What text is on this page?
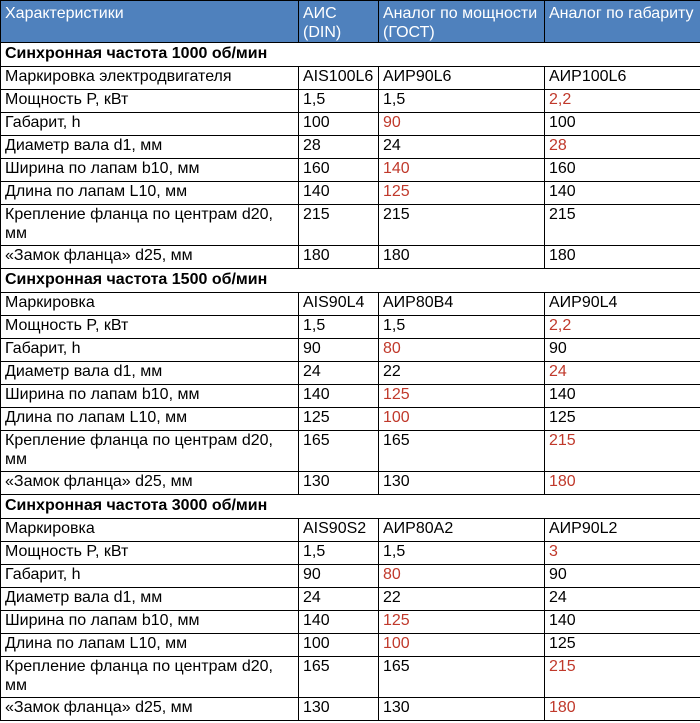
Характеристики	АИС (DIN)	Аналог по мощности (ГОСТ)	Аналог по габариту
Синхронная частота 1000 об/мин			
Маркировка электродвигателя	AIS100L6	АИР90L6	АИР100L6
Мощность P, кВт	1,5	1,5	2,2
Габарит, h	100	90	100
Диаметр вала d1, мм	28	24	28
Ширина по лапам b10, мм	160	140	160
Длина по лапам L10, мм	140	125	140
Крепление фланца по центрам d20, мм	215	215	215
«Замок фланца» d25, мм	180	180	180
Синхронная частота 1500 об/мин			
Маркировка	AIS90L4	АИР80В4	АИР90L4
Мощность P, кВт	1,5	1,5	2,2
Габарит, h	90	80	90
Диаметр вала d1, мм	24	22	24
Ширина по лапам b10, мм	140	125	140
Длина по лапам L10, мм	125	100	125
Крепление фланца по центрам d20, мм	165	165	215
«Замок фланца» d25, мм	130	130	180
Синхронная частота 3000 об/мин			
Маркировка	AIS90S2	АИР80А2	АИР90L2
Мощность P, кВт	1,5	1,5	3
Габарит, h	90	80	90
Диаметр вала d1, мм	24	22	24
Ширина по лапам b10, мм	140	125	140
Длина по лапам L10, мм	100	100	125
Крепление фланца по центрам d20, мм	165	165	215
«Замок фланца» d25, мм	130	130	180
